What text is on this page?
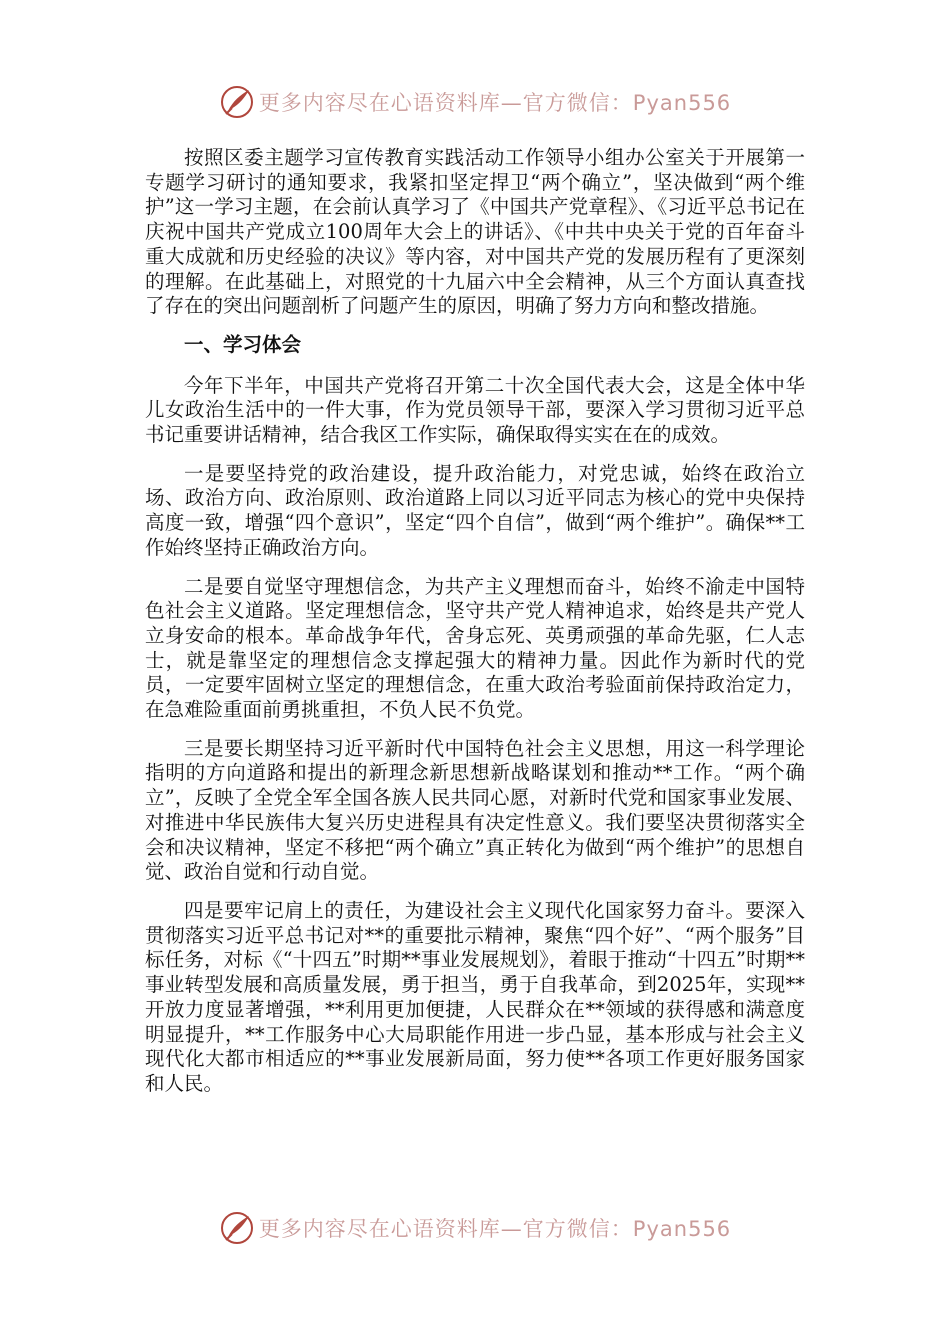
更多内容尽在心语资料库—官方微信：Pyan556

按照区委主题学习宣传教育实践活动工作领导小组办公室关于开展第一专题学习研讨的通知要求，我紧扣坚定捍卫“两个确立”，坚决做到“两个维护”这一学习主题，在会前认真学习了《中国共产党章程》、《习近平总书记在庆祝中国共产党成立100周年大会上的讲话》、《中共中央关于党的百年奋斗重大成就和历史经验的决议》等内容，对中国共产党的发展历程有了更深刻的理解。在此基础上，对照党的十九届六中全会精神，从三个方面认真查找了存在的突出问题剖析了问题产生的原因，明确了努力方向和整改措施。

一、学习体会

今年下半年，中国共产党将召开第二十次全国代表大会，这是全体中华儿女政治生活中的一件大事，作为党员领导干部，要深入学习贯彻习近平总书记重要讲话精神，结合我区工作实际，确保取得实实在在的成效。

一是要坚持党的政治建设，提升政治能力，对党忠诚，始终在政治立场、政治方向、政治原则、政治道路上同以习近平同志为核心的党中央保持高度一致，增强“四个意识”，坚定“四个自信”，做到“两个维护”。确保**工作始终坚持正确政治方向。

二是要自觉坚守理想信念，为共产主义理想而奋斗，始终不渝走中国特色社会主义道路。坚定理想信念，坚守共产党人精神追求，始终是共产党人立身安命的根本。革命战争年代，舍身忘死、英勇顽强的革命先驱，仁人志士，就是靠坚定的理想信念支撑起强大的精神力量。因此作为新时代的党员，一定要牢固树立坚定的理想信念，在重大政治考验面前保持政治定力，在急难险重面前勇挑重担，不负人民不负党。

三是要长期坚持习近平新时代中国特色社会主义思想，用这一科学理论指明的方向道路和提出的新理念新思想新战略谋划和推动**工作。“两个确立”，反映了全党全军全国各族人民共同心愿，对新时代党和国家事业发展、对推进中华民族伟大复兴历史进程具有决定性意义。我们要坚决贯彻落实全会和决议精神，坚定不移把“两个确立”真正转化为做到“两个维护”的思想自觉、政治自觉和行动自觉。

四是要牢记肩上的责任，为建设社会主义现代化国家努力奋斗。要深入贯彻落实习近平总书记对**的重要批示精神，聚焦“四个好”、“两个服务”目标任务，对标《“十四五”时期**事业发展规划》，着眼于推动“十四五”时期**事业转型发展和高质量发展，勇于担当，勇于自我革命，到2025年，实现**开放力度显著增强，**利用更加便捷，人民群众在**领域的获得感和满意度明显提升，**工作服务中心大局职能作用进一步凸显，基本形成与社会主义现代化大都市相适应的**事业发展新局面，努力使**各项工作更好服务国家和人民。

更多内容尽在心语资料库—官方微信：Pyan556
